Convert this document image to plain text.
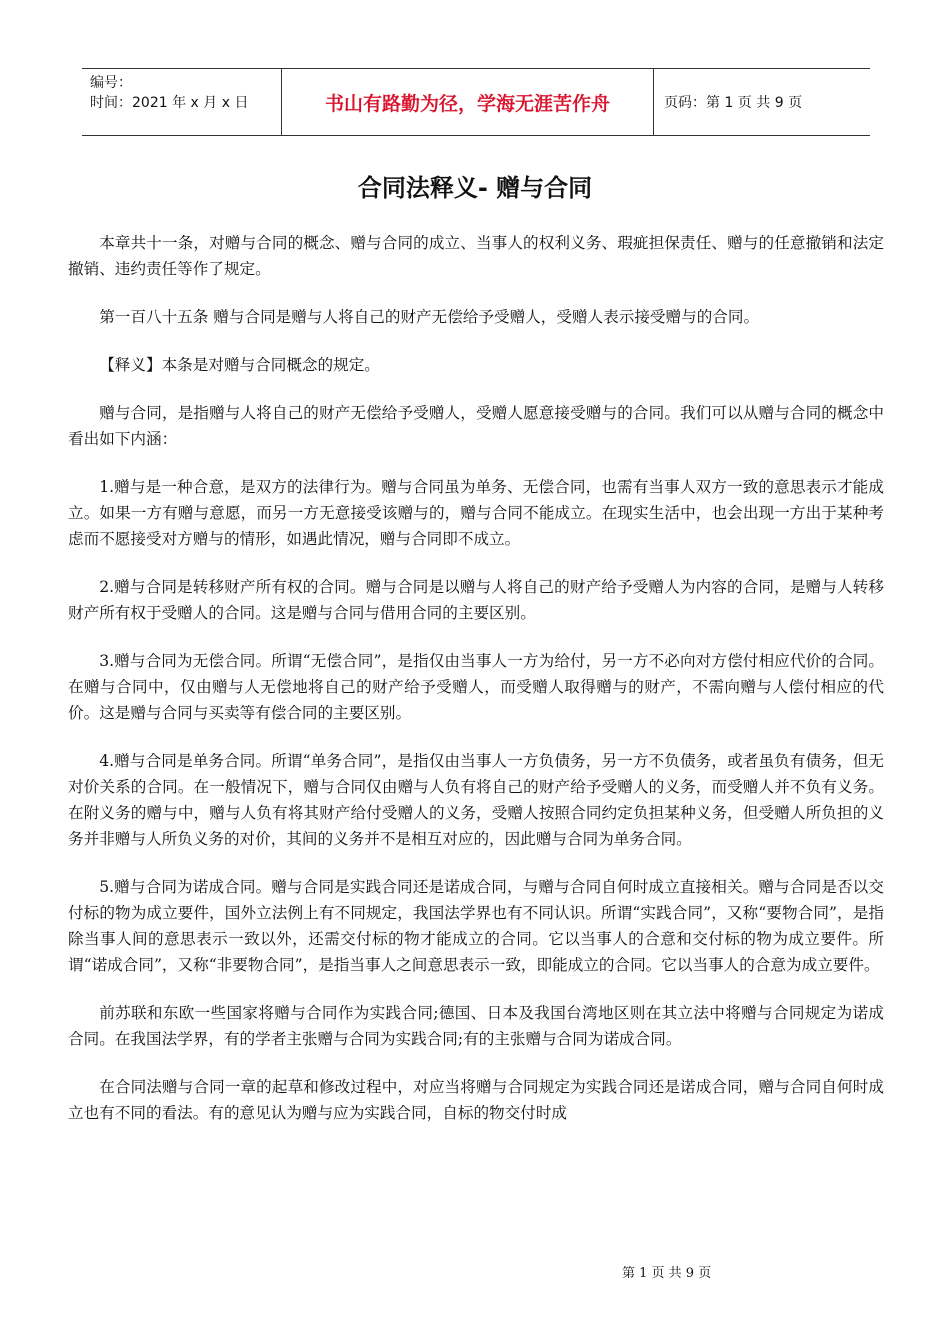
编号：
时间：2021 年 x 月 x 日	书山有路勤为径，学海无涯苦作舟	页码：第 1 页 共 9 页
合同法释义- 赠与合同

本章共十一条，对赠与合同的概念、赠与合同的成立、当事人的权利义务、瑕疵担保责任、赠与的任意撤销和法定撤销、违约责任等作了规定。

第一百八十五条 赠与合同是赠与人将自己的财产无偿给予受赠人，受赠人表示接受赠与的合同。

【释义】本条是对赠与合同概念的规定。

赠与合同，是指赠与人将自己的财产无偿给予受赠人，受赠人愿意接受赠与的合同。我们可以从赠与合同的概念中看出如下内涵：

1.赠与是一种合意，是双方的法律行为。赠与合同虽为单务、无偿合同，也需有当事人双方一致的意思表示才能成立。如果一方有赠与意愿，而另一方无意接受该赠与的，赠与合同不能成立。在现实生活中，也会出现一方出于某种考虑而不愿接受对方赠与的情形，如遇此情况，赠与合同即不成立。

2.赠与合同是转移财产所有权的合同。赠与合同是以赠与人将自己的财产给予受赠人为内容的合同，是赠与人转移财产所有权于受赠人的合同。这是赠与合同与借用合同的主要区别。

3.赠与合同为无偿合同。所谓“无偿合同”，是指仅由当事人一方为给付，另一方不必向对方偿付相应代价的合同。在赠与合同中，仅由赠与人无偿地将自己的财产给予受赠人，而受赠人取得赠与的财产，不需向赠与人偿付相应的代价。这是赠与合同与买卖等有偿合同的主要区别。

4.赠与合同是单务合同。所谓“单务合同”，是指仅由当事人一方负债务，另一方不负债务，或者虽负有债务，但无对价关系的合同。在一般情况下，赠与合同仅由赠与人负有将自己的财产给予受赠人的义务，而受赠人并不负有义务。在附义务的赠与中，赠与人负有将其财产给付受赠人的义务，受赠人按照合同约定负担某种义务，但受赠人所负担的义务并非赠与人所负义务的对价，其间的义务并不是相互对应的，因此赠与合同为单务合同。

5.赠与合同为诺成合同。赠与合同是实践合同还是诺成合同，与赠与合同自何时成立直接相关。赠与合同是否以交付标的物为成立要件，国外立法例上有不同规定，我国法学界也有不同认识。所谓“实践合同”，又称“要物合同”，是指除当事人间的意思表示一致以外，还需交付标的物才能成立的合同。它以当事人的合意和交付标的物为成立要件。所谓“诺成合同”，又称“非要物合同”，是指当事人之间意思表示一致，即能成立的合同。它以当事人的合意为成立要件。

前苏联和东欧一些国家将赠与合同作为实践合同;德国、日本及我国台湾地区则在其立法中将赠与合同规定为诺成合同。在我国法学界，有的学者主张赠与合同为实践合同;有的主张赠与合同为诺成合同。

在合同法赠与合同一章的起草和修改过程中，对应当将赠与合同规定为实践合同还是诺成合同，赠与合同自何时成立也有不同的看法。有的意见认为赠与应为实践合同，自标的物交付时成

第 1 页 共 9 页
